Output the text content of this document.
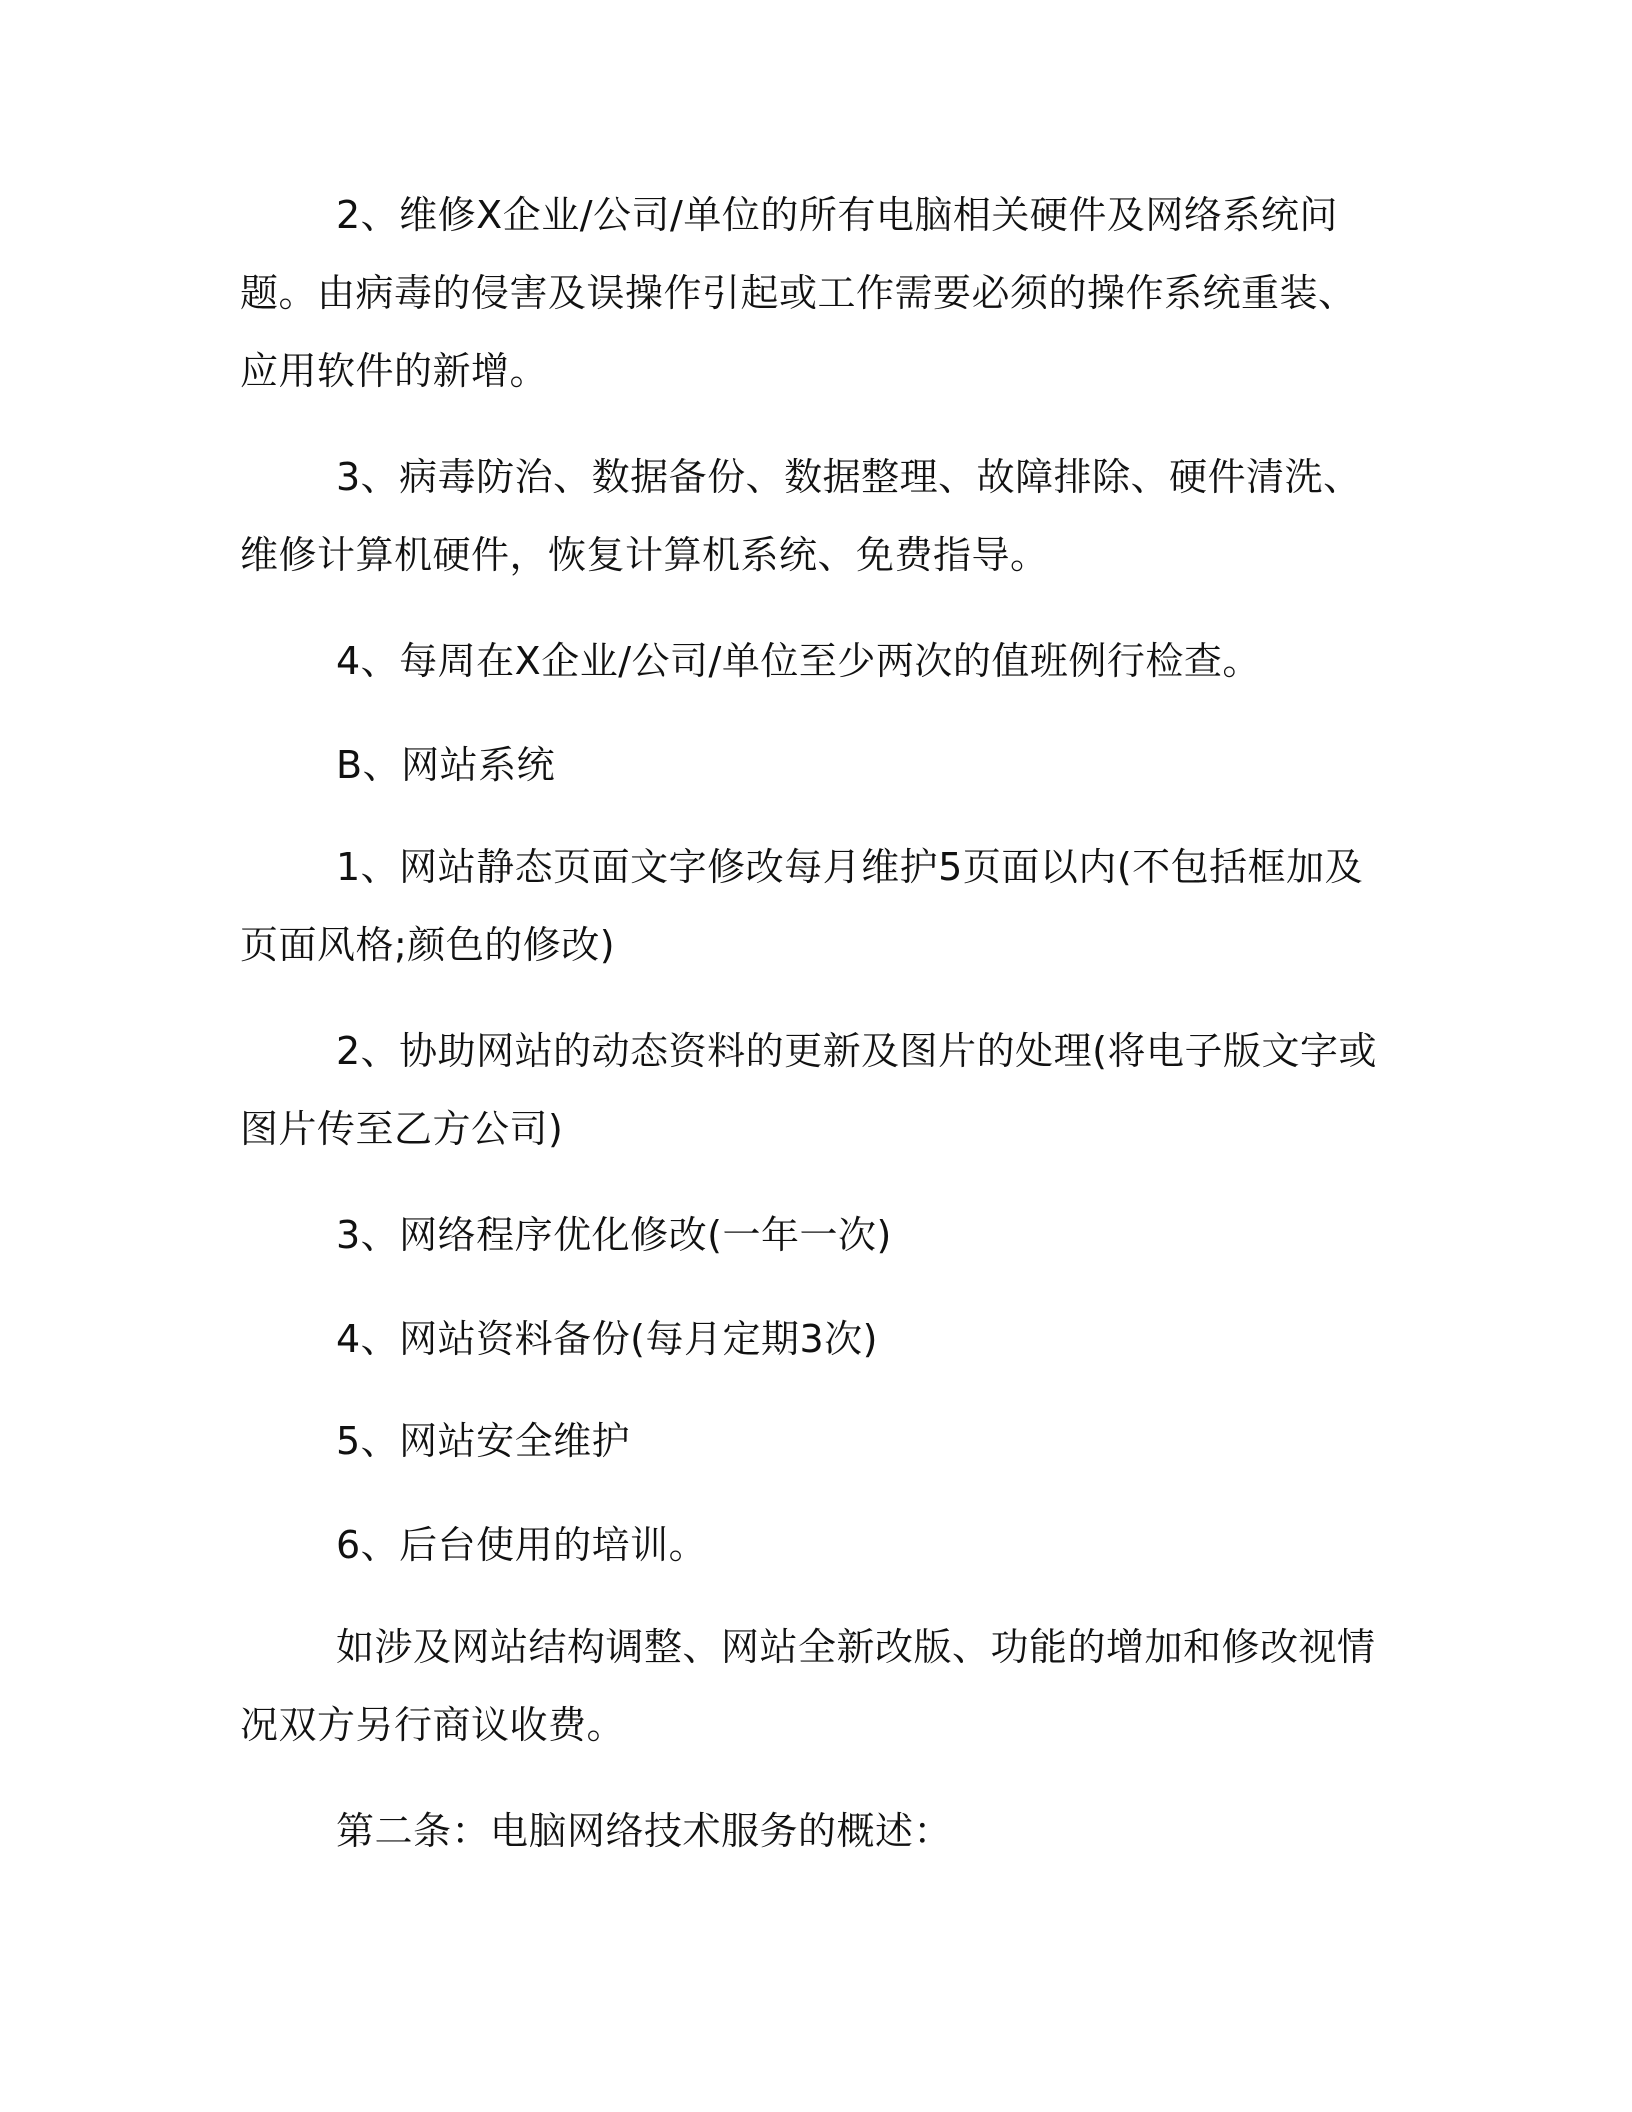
2、维修X企业/公司/单位的所有电脑相关硬件及网络系统问题。由病毒的侵害及误操作引起或工作需要必须的操作系统重装、应用软件的新增。

3、病毒防治、数据备份、数据整理、故障排除、硬件清洗、维修计算机硬件，恢复计算机系统、免费指导。

4、每周在X企业/公司/单位至少两次的值班例行检查。

B、网站系统

1、网站静态页面文字修改每月维护5页面以内(不包括框加及页面风格;颜色的修改)

2、协助网站的动态资料的更新及图片的处理(将电子版文字或图片传至乙方公司)

3、网络程序优化修改(一年一次)

4、网站资料备份(每月定期3次)

5、网站安全维护

6、后台使用的培训。

如涉及网站结构调整、网站全新改版、功能的增加和修改视情况双方另行商议收费。

第二条：电脑网络技术服务的概述：
